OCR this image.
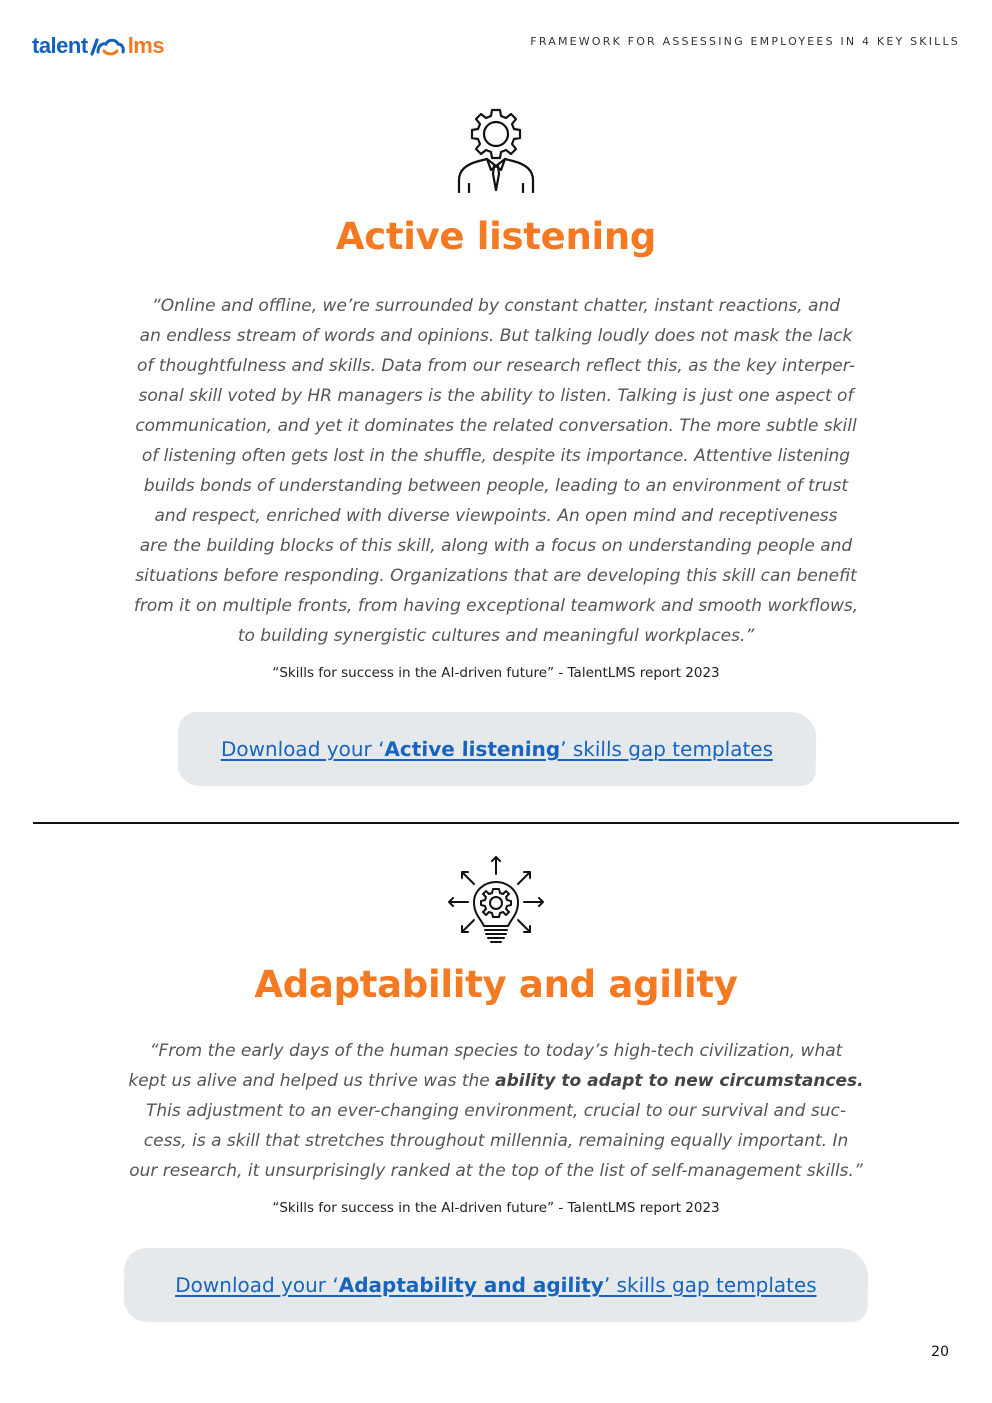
talent lms	FRAMEWORK FOR ASSESSING EMPLOYEES IN 4 KEY SKILLS
Active listening
“Online and offline, we’re surrounded by constant chatter, instant reactions, and
an endless stream of words and opinions. But talking loudly does not mask the lack
of thoughtfulness and skills. Data from our research reflect this, as the key interper-
sonal skill voted by HR managers is the ability to listen. Talking is just one aspect of
communication, and yet it dominates the related conversation. The more subtle skill
of listening often gets lost in the shuffle, despite its importance. Attentive listening
builds bonds of understanding between people, leading to an environment of trust
and respect, enriched with diverse viewpoints. An open mind and receptiveness
are the building blocks of this skill, along with a focus on understanding people and
situations before responding. Organizations that are developing this skill can benefit
from it on multiple fronts, from having exceptional teamwork and smooth workflows,
to building synergistic cultures and meaningful workplaces.”
“Skills for success in the AI-driven future” - TalentLMS report 2023
Download your ‘Active listening’ skills gap templates
Adaptability and agility
“From the early days of the human species to today’s high-tech civilization, what
kept us alive and helped us thrive was the ability to adapt to new circumstances.
This adjustment to an ever-changing environment, crucial to our survival and suc-
cess, is a skill that stretches throughout millennia, remaining equally important. In
our research, it unsurprisingly ranked at the top of the list of self-management skills.”
“Skills for success in the AI-driven future” - TalentLMS report 2023
Download your ‘Adaptability and agility’ skills gap templates
20
